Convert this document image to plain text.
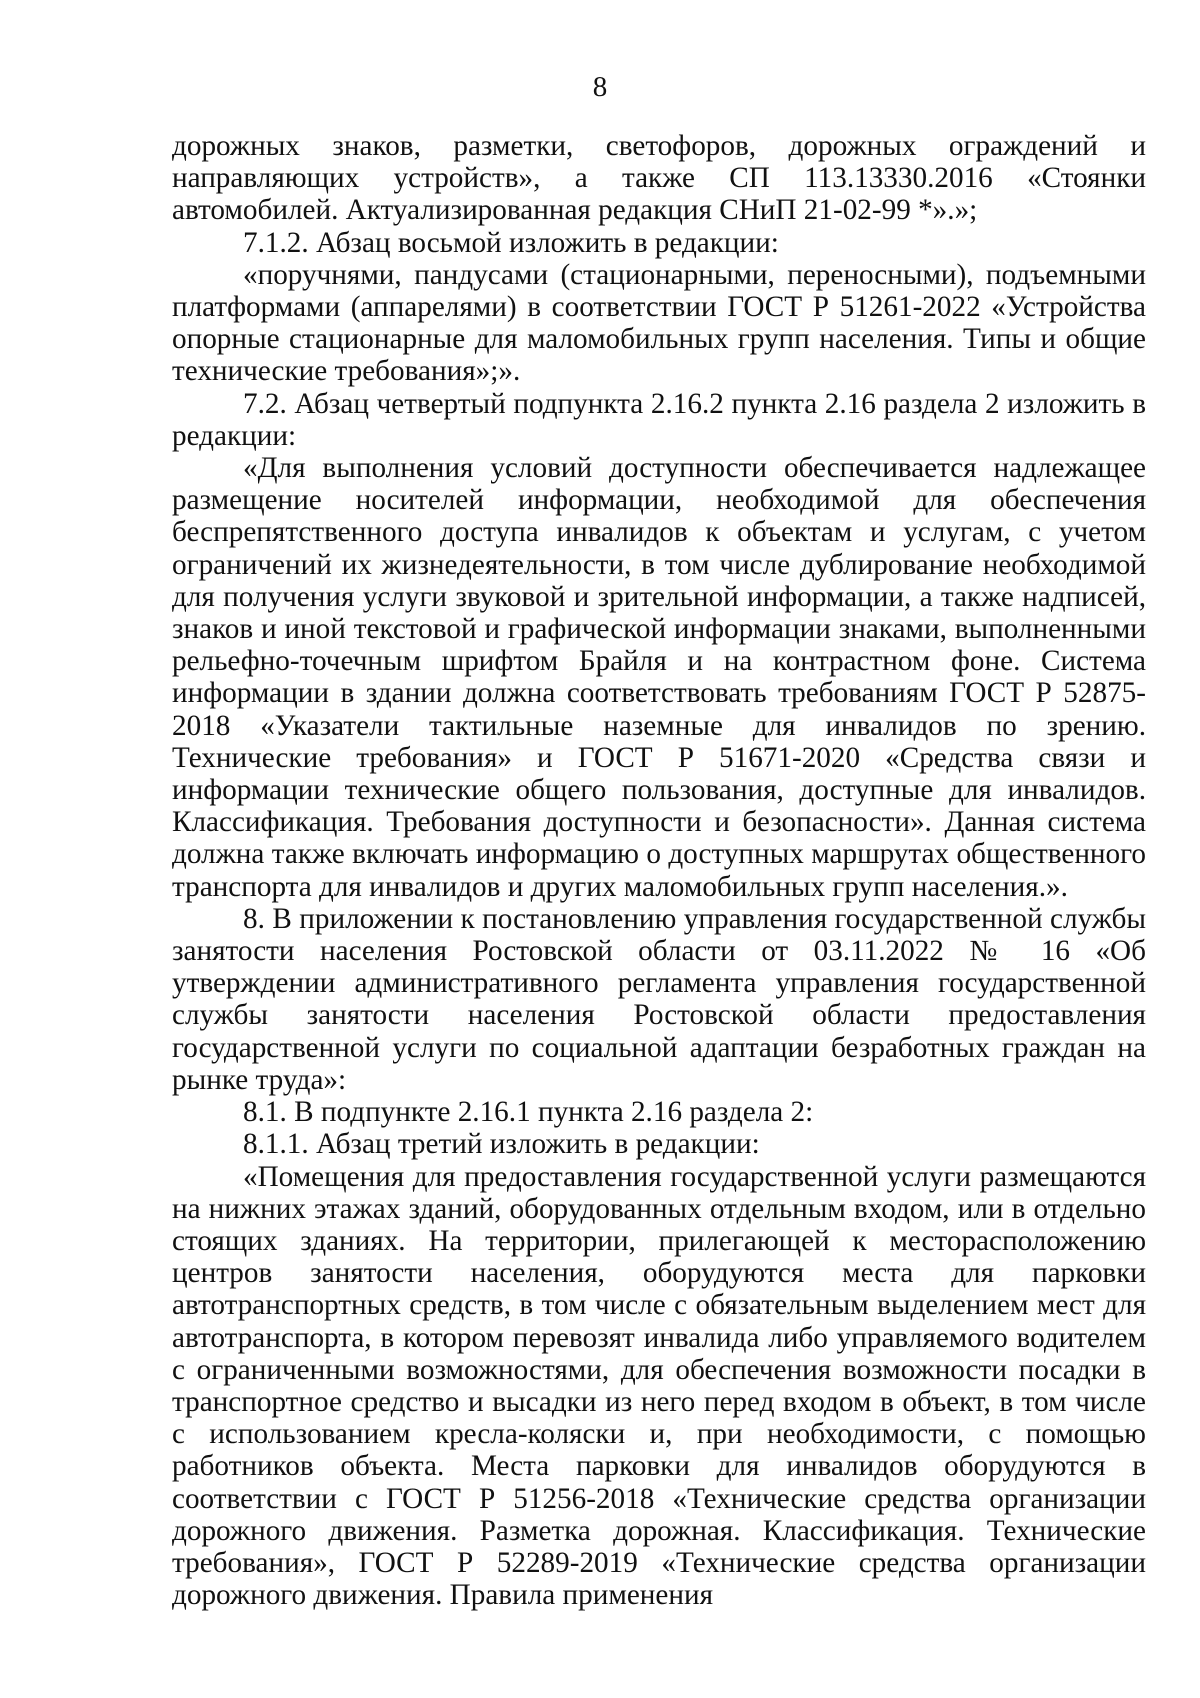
8

дорожных знаков, разметки, светофоров, дорожных ограждений и направляющих устройств», а также СП 113.13330.2016 «Стоянки автомобилей. Актуализированная редакция СНиП 21-02-99 *».»;

7.1.2. Абзац восьмой изложить в редакции:

«поручнями, пандусами (стационарными, переносными), подъемными платформами (аппарелями) в соответствии ГОСТ Р 51261-2022 «Устройства опорные стационарные для маломобильных групп населения. Типы и общие технические требования»;».

7.2. Абзац четвертый подпункта 2.16.2 пункта 2.16 раздела 2 изложить в редакции:

«Для выполнения условий доступности обеспечивается надлежащее размещение носителей информации, необходимой для обеспечения беспрепятственного доступа инвалидов к объектам и услугам, с учетом ограничений их жизнедеятельности, в том числе дублирование необходимой для получения услуги звуковой и зрительной информации, а также надписей, знаков и иной текстовой и графической информации знаками, выполненными рельефно-точечным шрифтом Брайля и на контрастном фоне. Система информации в здании должна соответствовать требованиям ГОСТ Р 52875-2018 «Указатели тактильные наземные для инвалидов по зрению. Технические требования» и ГОСТ Р 51671-2020 «Средства связи и информации технические общего пользования, доступные для инвалидов. Классификация. Требования доступности и безопасности». Данная система должна также включать информацию о доступных маршрутах общественного транспорта для инвалидов и других маломобильных групп населения.».

8. В приложении к постановлению управления государственной службы занятости населения Ростовской области от 03.11.2022 № 16 «Об утверждении административного регламента управления государственной службы занятости населения Ростовской области предоставления государственной услуги по социальной адаптации безработных граждан на рынке труда»:

8.1. В подпункте 2.16.1 пункта 2.16 раздела 2:

8.1.1. Абзац третий изложить в редакции:

«Помещения для предоставления государственной услуги размещаются на нижних этажах зданий, оборудованных отдельным входом, или в отдельно стоящих зданиях. На территории, прилегающей к месторасположению центров занятости населения, оборудуются места для парковки автотранспортных средств, в том числе с обязательным выделением мест для автотранспорта, в котором перевозят инвалида либо управляемого водителем с ограниченными возможностями, для обеспечения возможности посадки в транспортное средство и высадки из него перед входом в объект, в том числе с использованием кресла-коляски и, при необходимости, с помощью работников объекта. Места парковки для инвалидов оборудуются в соответствии с ГОСТ Р 51256-2018 «Технические средства организации дорожного движения. Разметка дорожная. Классификация. Технические требования», ГОСТ Р 52289-2019 «Технические средства организации дорожного движения. Правила применения
